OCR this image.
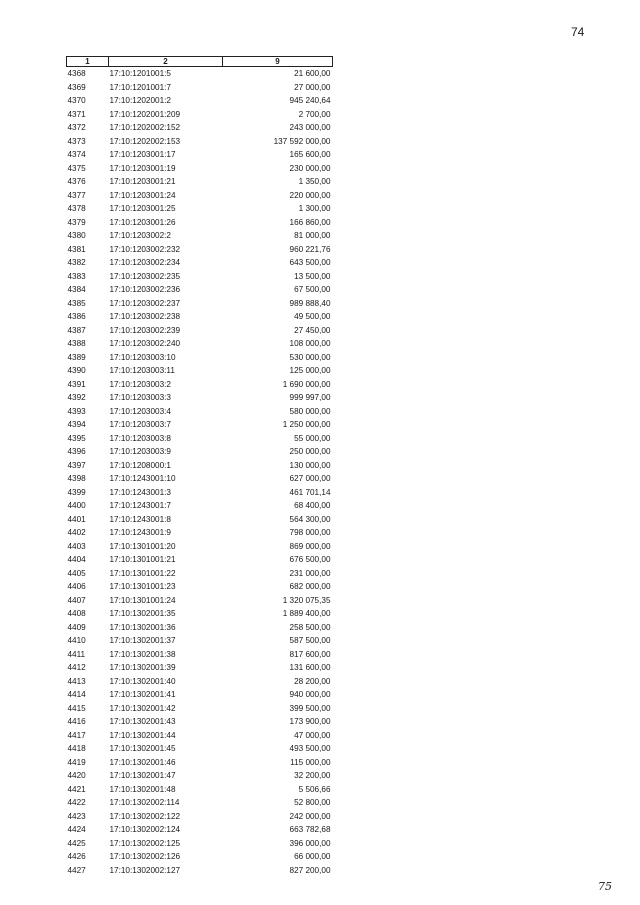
74
1	2	9
4368	17:10:1201001:5	21 600,00
4369	17:10:1201001:7	27 000,00
4370	17:10:1202001:2	945 240,64
4371	17:10:1202001:209	2 700,00
4372	17:10:1202002:152	243 000,00
4373	17:10:1202002:153	137 592 000,00
4374	17:10:1203001:17	165 600,00
4375	17:10:1203001:19	230 000,00
4376	17:10:1203001:21	1 350,00
4377	17:10:1203001:24	220 000,00
4378	17:10:1203001:25	1 300,00
4379	17:10:1203001:26	166 860,00
4380	17:10:1203002:2	81 000,00
4381	17:10:1203002:232	960 221,76
4382	17:10:1203002:234	643 500,00
4383	17:10:1203002:235	13 500,00
4384	17:10:1203002:236	67 500,00
4385	17:10:1203002:237	989 888,40
4386	17:10:1203002:238	49 500,00
4387	17:10:1203002:239	27 450,00
4388	17:10:1203002:240	108 000,00
4389	17:10:1203003:10	530 000,00
4390	17:10:1203003:11	125 000,00
4391	17:10:1203003:2	1 690 000,00
4392	17:10:1203003:3	999 997,00
4393	17:10:1203003:4	580 000,00
4394	17:10:1203003:7	1 250 000,00
4395	17:10:1203003:8	55 000,00
4396	17:10:1203003:9	250 000,00
4397	17:10:1208000:1	130 000,00
4398	17:10:1243001:10	627 000,00
4399	17:10:1243001:3	461 701,14
4400	17:10:1243001:7	68 400,00
4401	17:10:1243001:8	564 300,00
4402	17:10:1243001:9	798 000,00
4403	17:10:1301001:20	869 000,00
4404	17:10:1301001:21	676 500,00
4405	17:10:1301001:22	231 000,00
4406	17:10:1301001:23	682 000,00
4407	17:10:1301001:24	1 320 075,35
4408	17:10:1302001:35	1 889 400,00
4409	17:10:1302001:36	258 500,00
4410	17:10:1302001:37	587 500,00
4411	17:10:1302001:38	817 600,00
4412	17:10:1302001:39	131 600,00
4413	17:10:1302001:40	28 200,00
4414	17:10:1302001:41	940 000,00
4415	17:10:1302001:42	399 500,00
4416	17:10:1302001:43	173 900,00
4417	17:10:1302001:44	47 000,00
4418	17:10:1302001:45	493 500,00
4419	17:10:1302001:46	115 000,00
4420	17:10:1302001:47	32 200,00
4421	17:10:1302001:48	5 506,66
4422	17:10:1302002:114	52 800,00
4423	17:10:1302002:122	242 000,00
4424	17:10:1302002:124	663 782,68
4425	17:10:1302002:125	396 000,00
4426	17:10:1302002:126	66 000,00
4427	17:10:1302002:127	827 200,00
75
